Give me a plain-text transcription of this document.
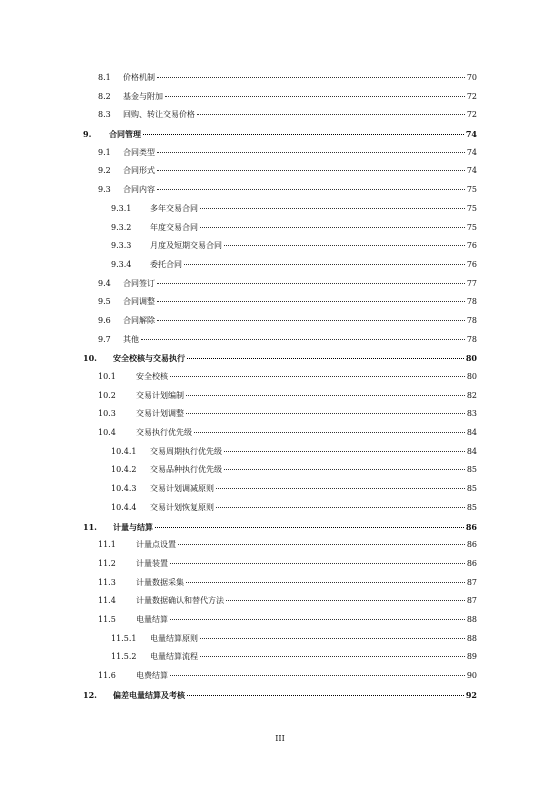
8.1 价格机制	70
8.2 基金与附加	72
8.3 回购、转让交易价格	72
9. 合同管理	74
9.1 合同类型	74
9.2 合同形式	74
9.3 合同内容	75
9.3.1 多年交易合同	75
9.3.2 年度交易合同	75
9.3.3 月度及短期交易合同	76
9.3.4 委托合同	76
9.4 合同签订	77
9.5 合同调整	78
9.6 合同解除	78
9.7 其他	78
10. 安全校核与交易执行	80
10.1	安全校核	80
10.2	交易计划编制	82
10.3	交易计划调整	83
10.4	交易执行优先级	84
10.4.1 交易周期执行优先级	84
10.4.2 交易品种执行优先级	85
10.4.3 交易计划调减原则	85
10.4.4 交易计划恢复原则	85
11. 计量与结算	86
11.1	计量点设置	86
11.2	计量装置	86
11.3	计量数据采集	87
11.4	计量数据确认和替代方法	87
11.5	电量结算	88
11.5.1 电量结算原则	88
11.5.2 电量结算流程	89
11.6	电费结算	90
12. 偏差电量结算及考核	92
III
